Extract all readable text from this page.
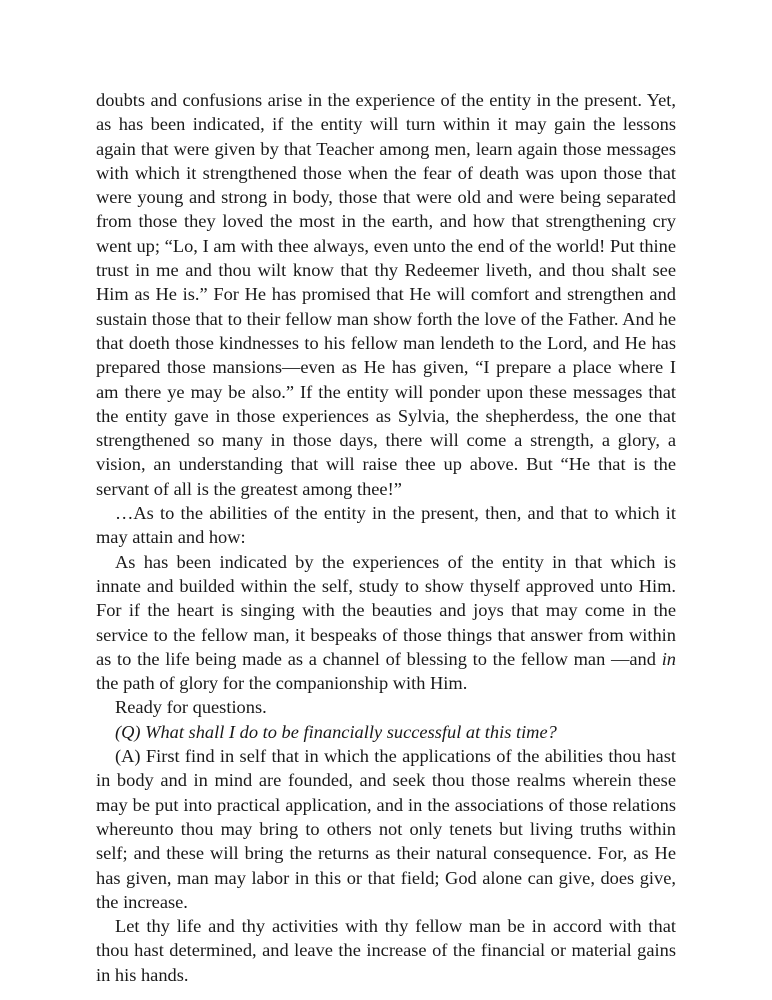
doubts and confusions arise in the experience of the entity in the present. Yet, as has been indicated, if the entity will turn within it may gain the lessons again that were given by that Teacher among men, learn again those messages with which it strengthened those when the fear of death was upon those that were young and strong in body, those that were old and were being separated from those they loved the most in the earth, and how that strengthening cry went up; “Lo, I am with thee always, even unto the end of the world! Put thine trust in me and thou wilt know that thy Redeemer liveth, and thou shalt see Him as He is.” For He has promised that He will comfort and strengthen and sustain those that to their fellow man show forth the love of the Father. And he that doeth those kindnesses to his fellow man lendeth to the Lord, and He has prepared those mansions—even as He has given, “I prepare a place where I am there ye may be also.” If the entity will ponder upon these messages that the entity gave in those experiences as Sylvia, the shepherdess, the one that strengthened so many in those days, there will come a strength, a glory, a vision, an understanding that will raise thee up above. But “He that is the servant of all is the greatest among thee!”

…As to the abilities of the entity in the present, then, and that to which it may attain and how:

As has been indicated by the experiences of the entity in that which is innate and builded within the self, study to show thyself approved unto Him. For if the heart is singing with the beauties and joys that may come in the service to the fellow man, it bespeaks of those things that answer from within as to the life being made as a channel of blessing to the fellow man —and in the path of glory for the companionship with Him.

Ready for questions.

(Q) What shall I do to be financially successful at this time?

(A) First find in self that in which the applications of the abilities thou hast in body and in mind are founded, and seek thou those realms wherein these may be put into practical application, and in the associations of those relations whereunto thou may bring to others not only tenets but living truths within self; and these will bring the returns as their natural consequence. For, as He has given, man may labor in this or that field; God alone can give, does give, the increase.

Let thy life and thy activities with thy fellow man be in accord with that thou hast determined, and leave the increase of the financial or material gains in his hands.
